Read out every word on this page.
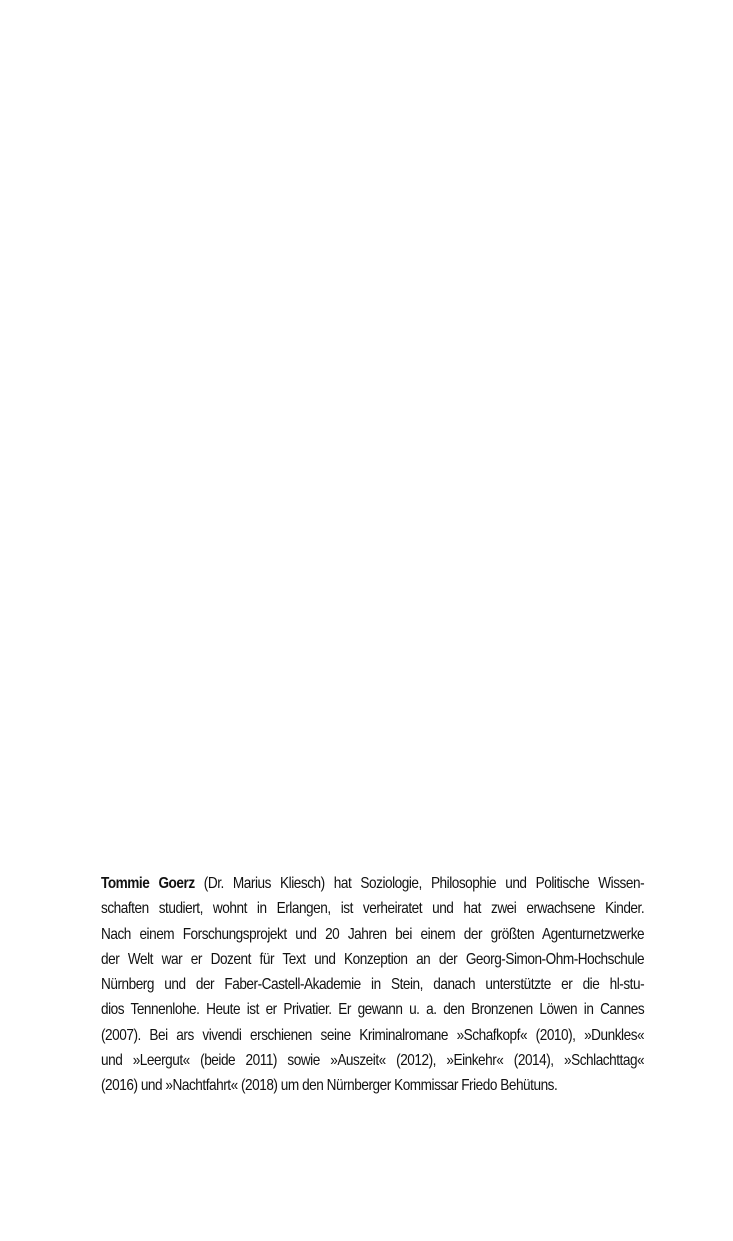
Tommie Goerz (Dr. Marius Kliesch) hat Soziologie, Philosophie und Politische Wissen-
schaften studiert, wohnt in Erlangen, ist verheiratet und hat zwei erwachsene Kinder.
Nach einem Forschungsprojekt und 20 Jahren bei einem der größten Agenturnetzwerke
der Welt war er Dozent für Text und Konzeption an der Georg-Simon-Ohm-Hochschule
Nürnberg und der Faber-Castell-Akademie in Stein, danach unterstützte er die hl-stu-
dios Tennenlohe. Heute ist er Privatier. Er gewann u. a. den Bronzenen Löwen in Cannes
(2007). Bei ars vivendi erschienen seine Kriminalromane »Schafkopf« (2010), »Dunkles«
und »Leergut« (beide 2011) sowie »Auszeit« (2012), »Einkehr« (2014), »Schlachttag«
(2016) und »Nachtfahrt« (2018) um den Nürnberger Kommissar Friedo Behütuns.
